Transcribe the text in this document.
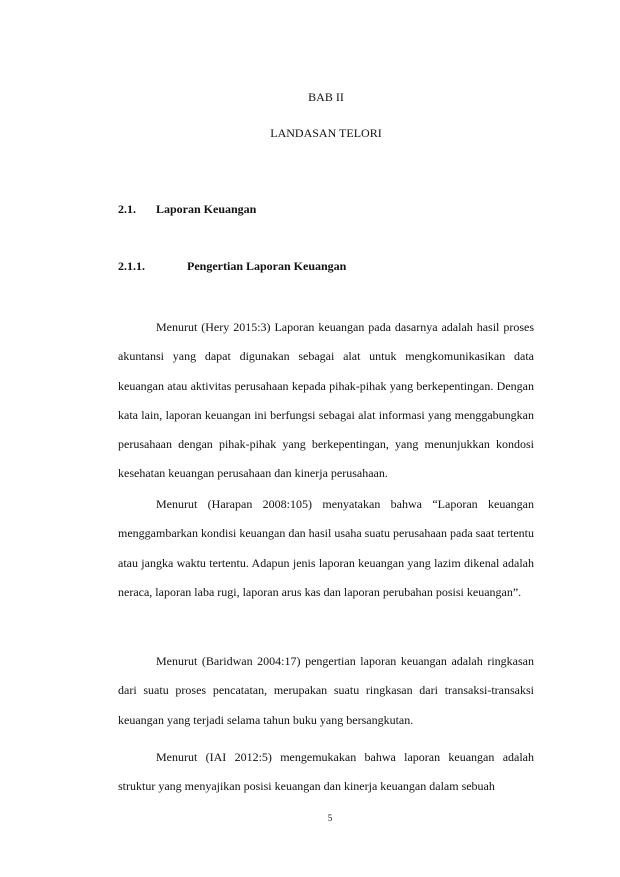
BAB II
LANDASAN TELORI
2.1. Laporan Keuangan
2.1.1.	Pengertian Laporan Keuangan

Menurut (Hery 2015:3) Laporan keuangan pada dasarnya adalah hasil proses akuntansi yang dapat digunakan sebagai alat untuk mengkomunikasikan data keuangan atau aktivitas perusahaan kepada pihak-pihak yang berkepentingan. Dengan kata lain, laporan keuangan ini berfungsi sebagai alat informasi yang menggabungkan perusahaan dengan pihak-pihak yang berkepentingan, yang menunjukkan kondosi kesehatan keuangan perusahaan dan kinerja perusahaan.

Menurut (Harapan 2008:105) menyatakan bahwa “Laporan keuangan menggambarkan kondisi keuangan dan hasil usaha suatu perusahaan pada saat tertentu atau jangka waktu tertentu. Adapun jenis laporan keuangan yang lazim dikenal adalah neraca, laporan laba rugi, laporan arus kas dan laporan perubahan posisi keuangan”.

Menurut (Baridwan 2004:17) pengertian laporan keuangan adalah ringkasan dari suatu proses pencatatan, merupakan suatu ringkasan dari transaksi-transaksi keuangan yang terjadi selama tahun buku yang bersangkutan.

Menurut (IAI 2012:5) mengemukakan bahwa laporan keuangan adalah struktur yang menyajikan posisi keuangan dan kinerja keuangan dalam sebuah

5
